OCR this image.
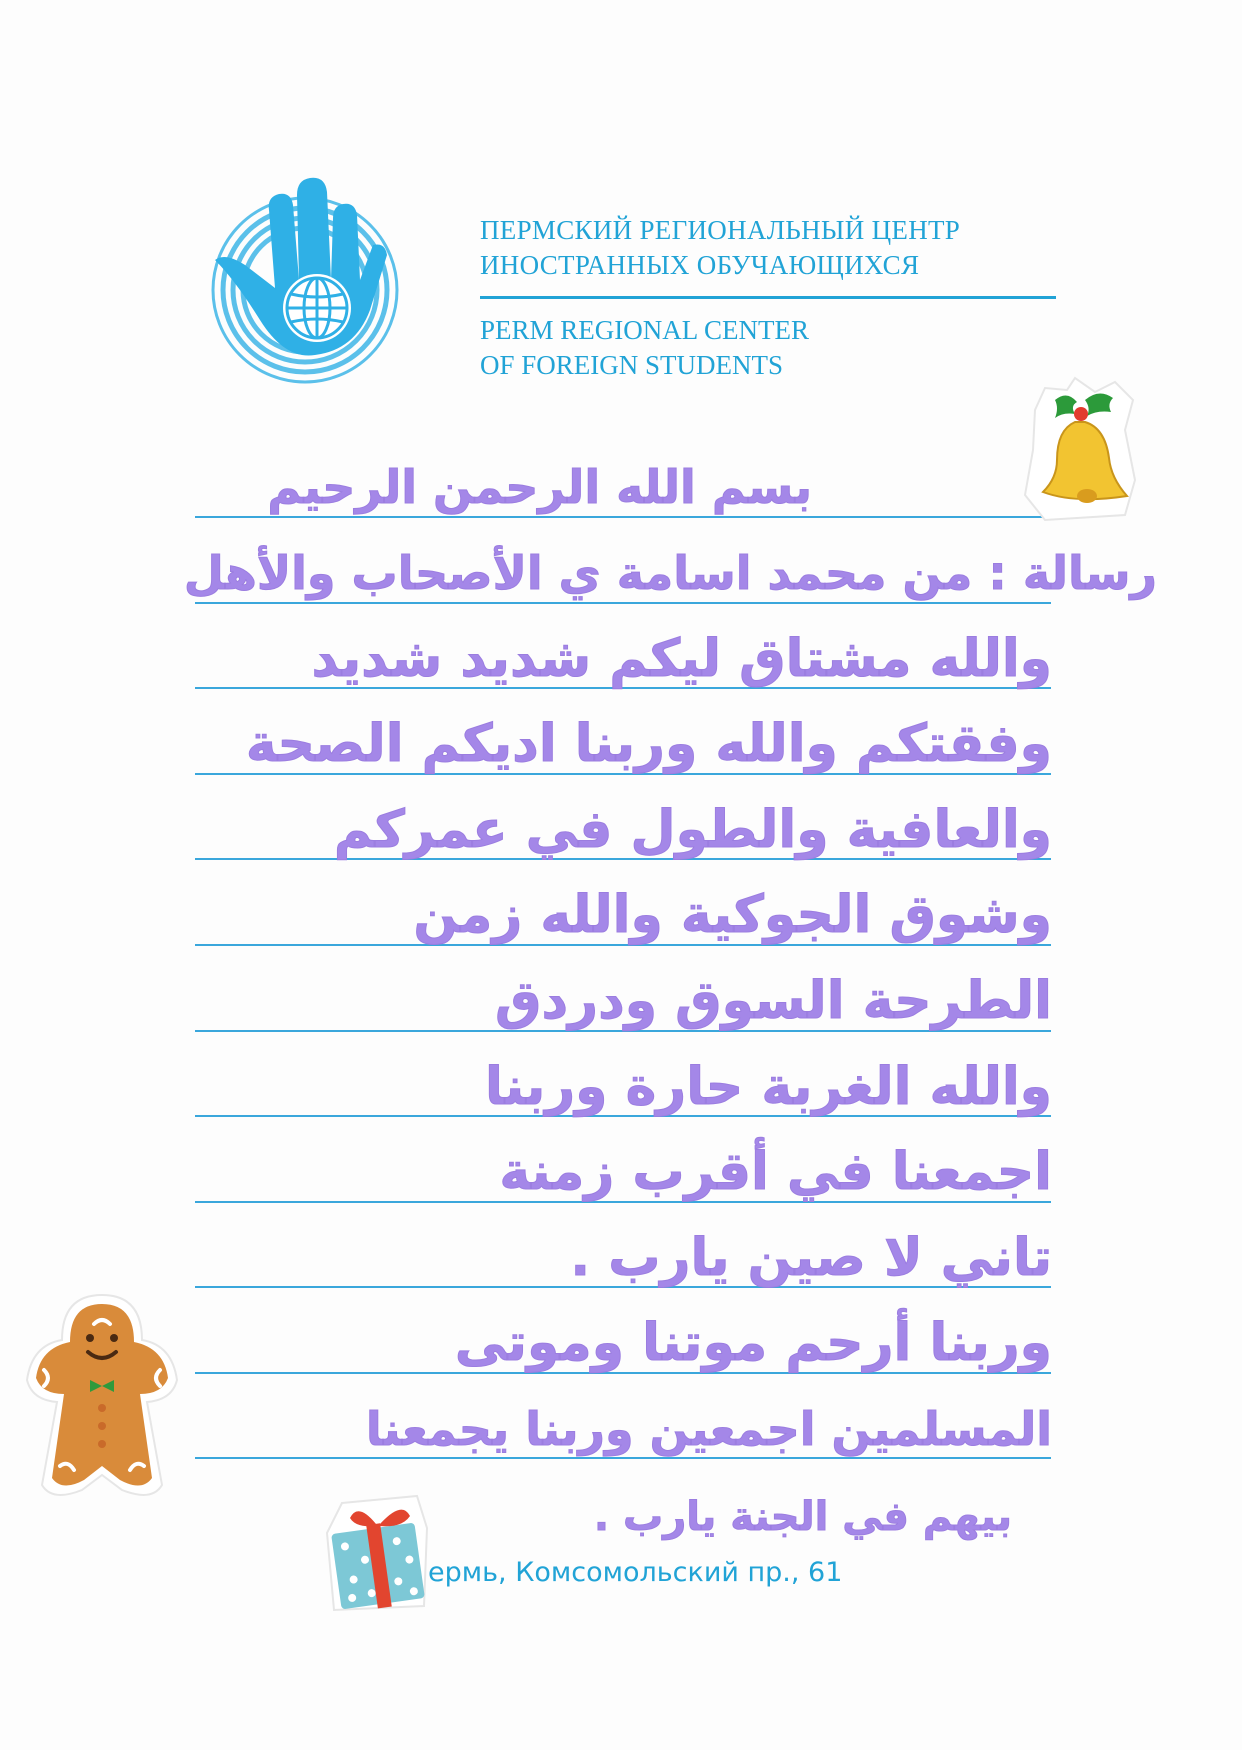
ПЕРМСКИЙ РЕГИОНАЛЬНЫЙ ЦЕНТР
ИНОСТРАННЫХ ОБУЧАЮЩИХСЯ
PERM REGIONAL CENTER
OF FOREIGN STUDENTS
بسم الله الرحمن الرحيم
رسالة : من محمد اسامة ي الأصحاب والأهل
والله مشتاق ليكم شديد شديد
وفقتكم والله وربنا اديكم الصحة
والعافية والطول في عمركم
وشوق الجوكية والله زمن
الطرحة السوق ودردق
والله الغربة حارة وربنا
اجمعنا في أقرب زمنة
تاني لا صين يارب .
وربنا أرحم موتنا وموتى
المسلمين اجمعين وربنا يجمعنا
بيهم في الجنة يارب .
ермь, Комсомольский пр., 61
